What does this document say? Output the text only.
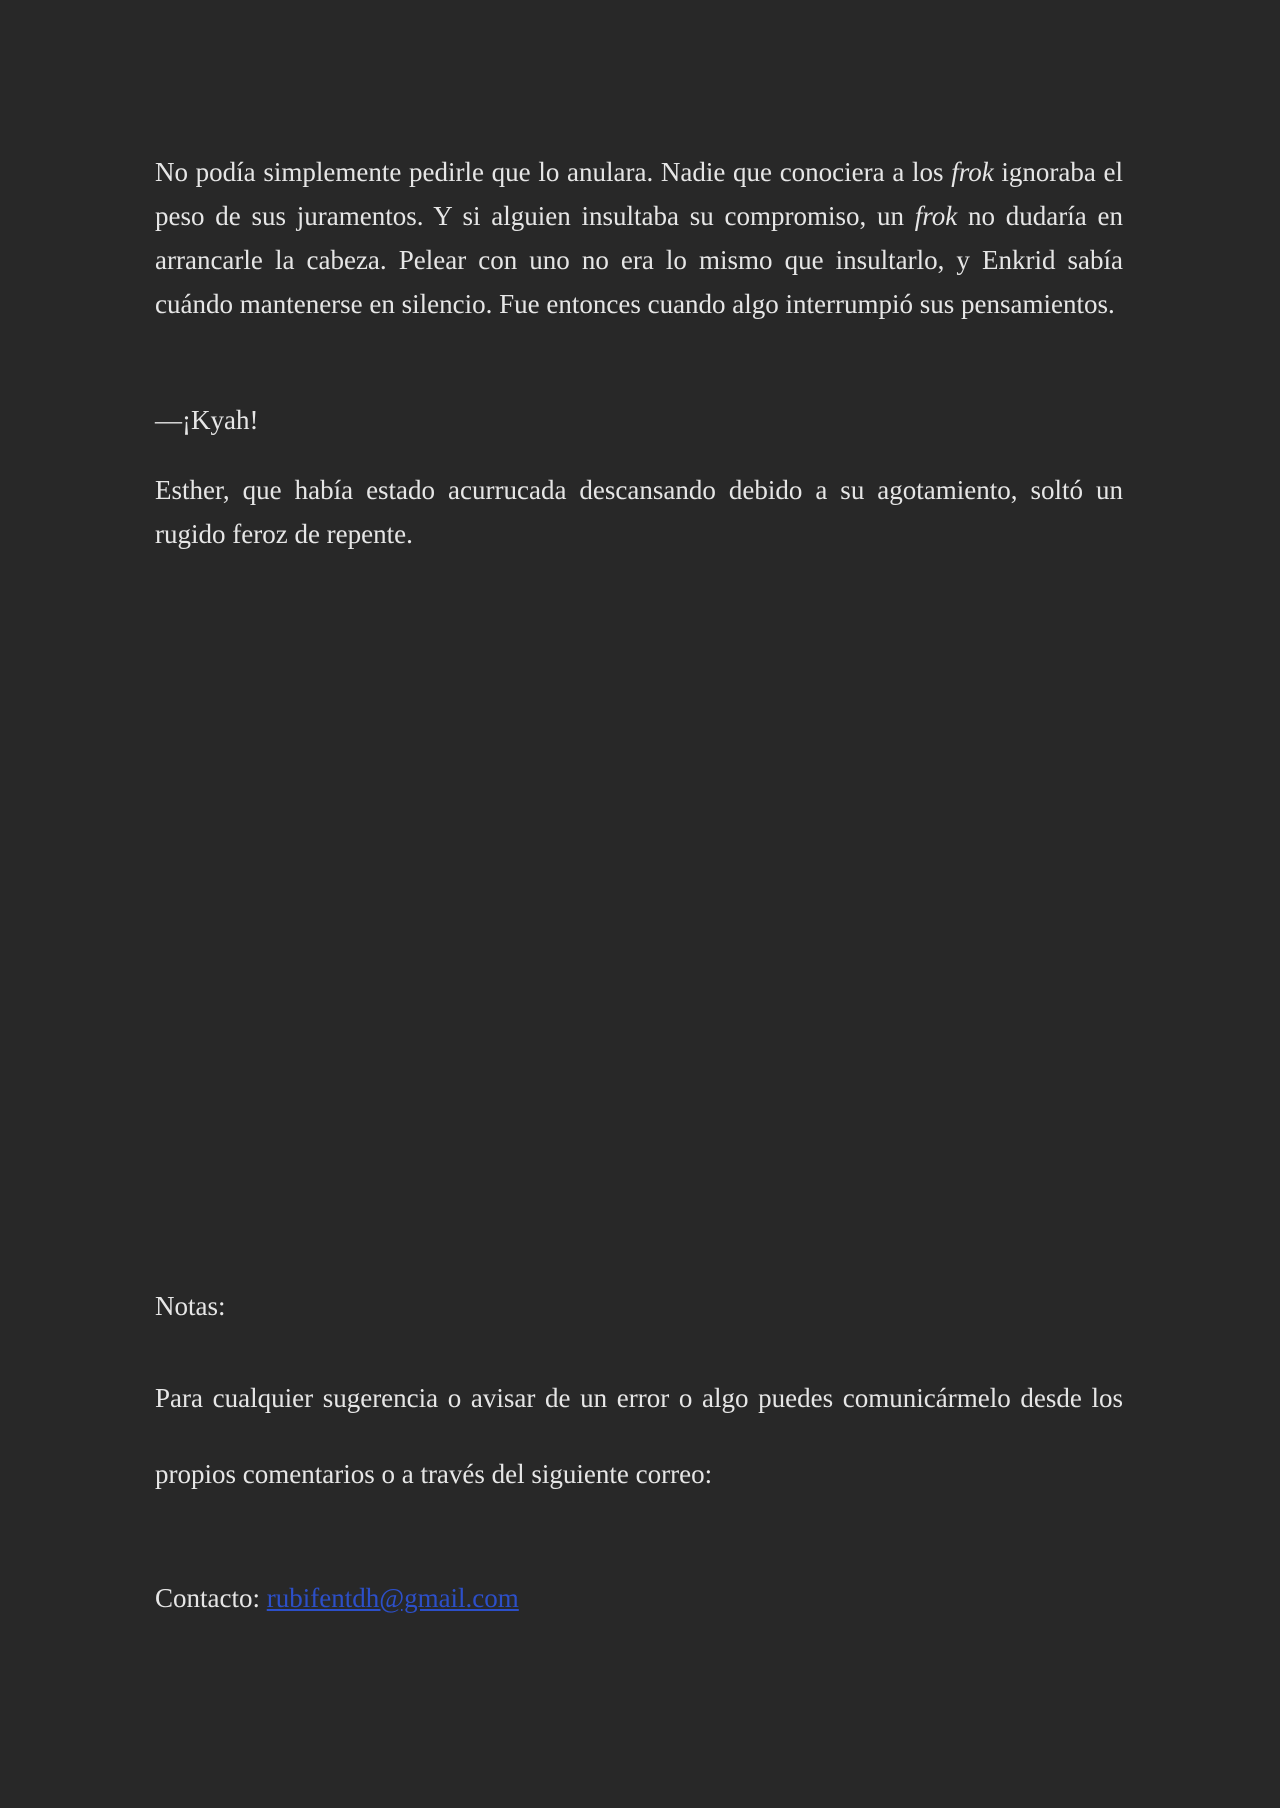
No podía simplemente pedirle que lo anulara. Nadie que conociera a los frok ignoraba el peso de sus juramentos. Y si alguien insultaba su compromiso, un frok no dudaría en arrancarle la cabeza. Pelear con uno no era lo mismo que insultarlo, y Enkrid sabía cuándo mantenerse en silencio. Fue entonces cuando algo interrumpió sus pensamientos.

—¡Kyah!

Esther, que había estado acurrucada descansando debido a su agotamiento, soltó un rugido feroz de repente.

Notas:

Para cualquier sugerencia o avisar de un error o algo puedes comunicármelo desde los propios comentarios o a través del siguiente correo:

Contacto: rubifentdh@gmail.com
